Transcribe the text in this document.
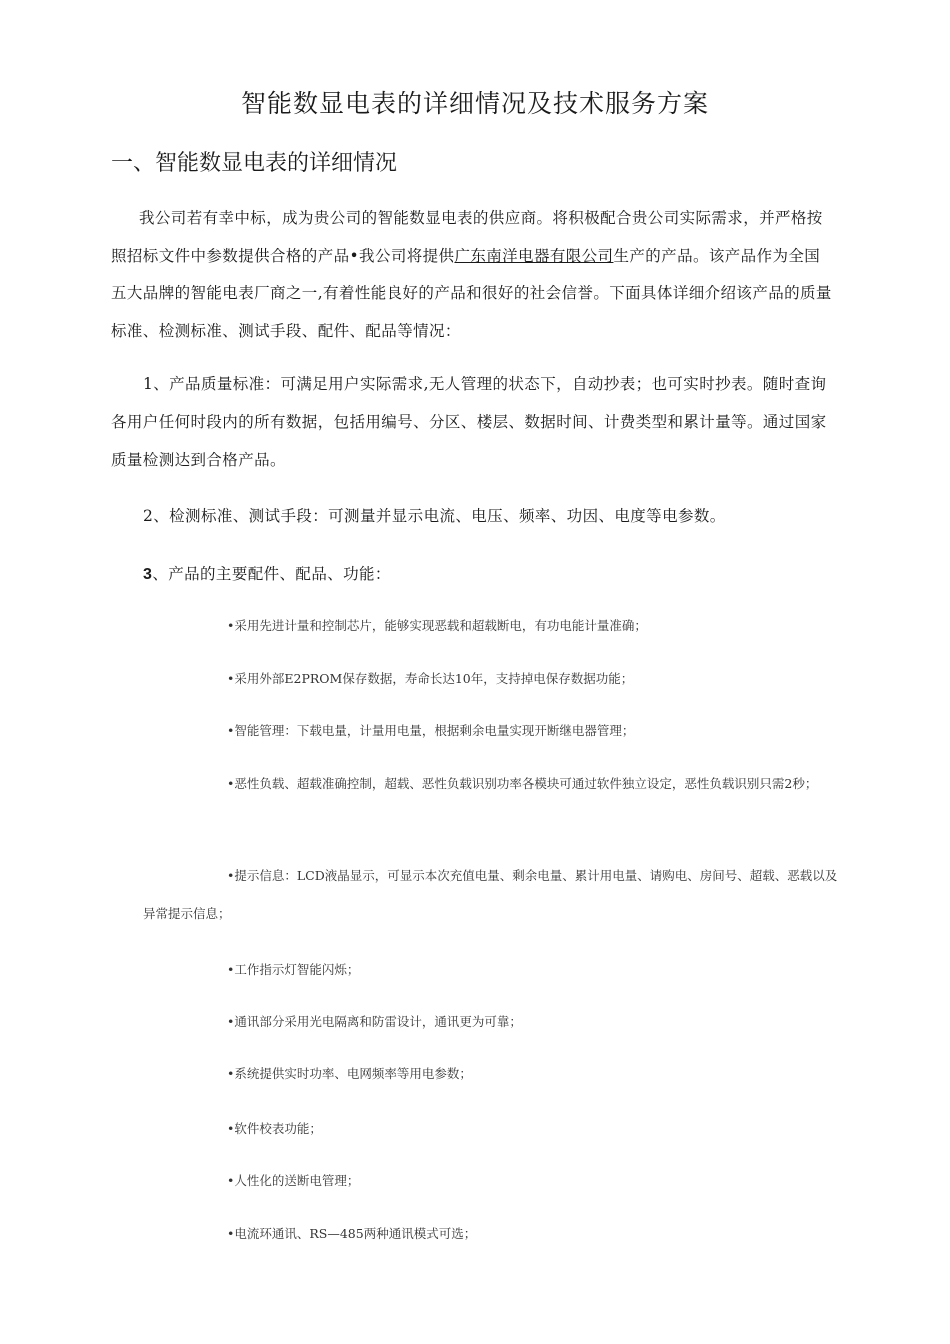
智能数显电表的详细情况及技术服务方案
一、智能数显电表的详细情况

我公司若有幸中标，成为贵公司的智能数显电表的供应商。将积极配合贵公司实际需求，并严格按照招标文件中参数提供合格的产品•我公司将提供广东南洋电器有限公司生产的产品。该产品作为全国五大品牌的智能电表厂商之一,有着性能良好的产品和很好的社会信誉。下面具体详细介绍该产品的质量标准、检测标准、测试手段、配件、配品等情况：

1、产品质量标准：可满足用户实际需求,无人管理的状态下，自动抄表；也可实时抄表。随时查询各用户任何时段内的所有数据，包括用编号、分区、楼层、数据时间、计费类型和累计量等。通过国家质量检测达到合格产品。

2、检测标准、测试手段：可测量并显示电流、电压、频率、功因、电度等电参数。

3、产品的主要配件、配品、功能：

•采用先进计量和控制芯片，能够实现恶载和超载断电，有功电能计量准确；

•采用外部E2PROM保存数据，寿命长达10年，支持掉电保存数据功能；

•智能管理：下载电量，计量用电量，根据剩余电量实现开断继电器管理；

•恶性负载、超载准确控制，超载、恶性负载识别功率各模块可通过软件独立设定，恶性负载识别只需2秒；

•提示信息：LCD液晶显示，可显示本次充值电量、剩余电量、累计用电量、请购电、房间号、超载、恶载以及异常提示信息；

•工作指示灯智能闪烁；

•通讯部分采用光电隔离和防雷设计，通讯更为可靠；

•系统提供实时功率、电网频率等用电参数；

•软件校表功能；

•人性化的送断电管理；

•电流环通讯、RS—485两种通讯模式可选；
